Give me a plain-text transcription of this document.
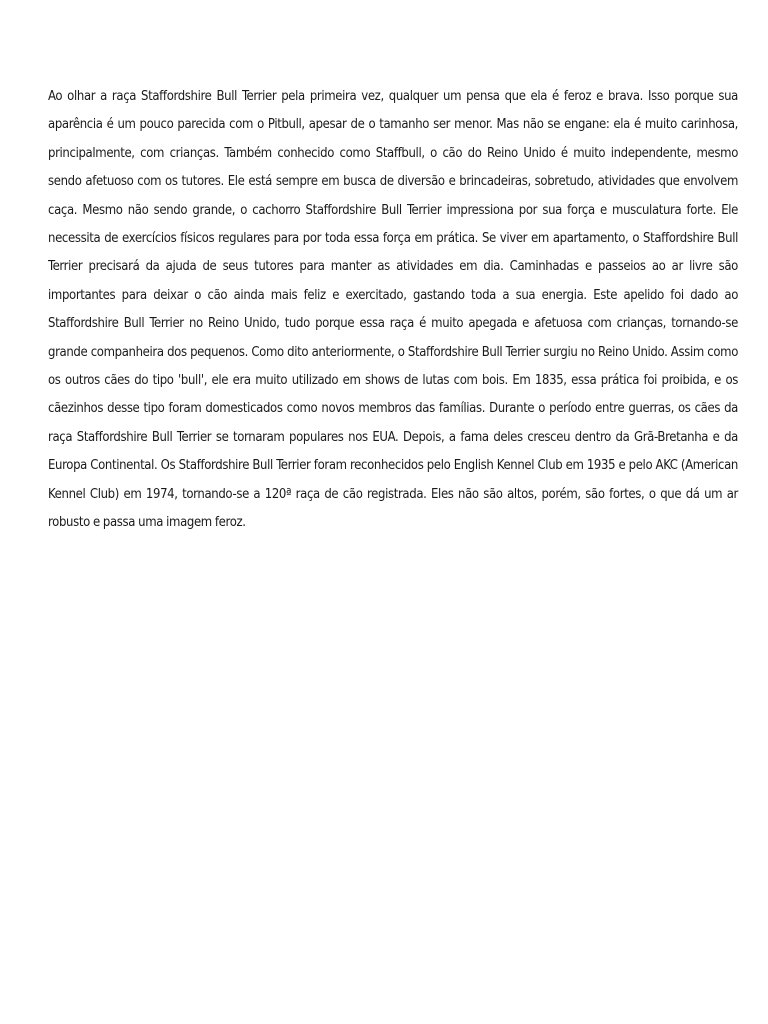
Ao olhar a raça Staffordshire Bull Terrier pela primeira vez, qualquer um pensa que ela é feroz e brava. Isso porque sua aparência é um pouco parecida com o Pitbull, apesar de o tamanho ser menor. Mas não se engane: ela é muito carinhosa, principalmente, com crianças. Também conhecido como Staffbull, o cão do Reino Unido é muito independente, mesmo sendo afetuoso com os tutores. Ele está sempre em busca de diversão e brincadeiras, sobretudo, atividades que envolvem caça. Mesmo não sendo grande, o cachorro Staffordshire Bull Terrier impressiona por sua força e musculatura forte. Ele necessita de exercícios físicos regulares para por toda essa força em prática. Se viver em apartamento, o Staffordshire Bull Terrier precisará da ajuda de seus tutores para manter as atividades em dia. Caminhadas e passeios ao ar livre são importantes para deixar o cão ainda mais feliz e exercitado, gastando toda a sua energia. Este apelido foi dado ao Staffordshire Bull Terrier no Reino Unido, tudo porque essa raça é muito apegada e afetuosa com crianças, tornando-se grande companheira dos pequenos. Como dito anteriormente, o Staffordshire Bull Terrier surgiu no Reino Unido. Assim como os outros cães do tipo 'bull', ele era muito utilizado em shows de lutas com bois. Em 1835, essa prática foi proibida, e os cãezinhos desse tipo foram domesticados como novos membros das famílias. Durante o período entre guerras, os cães da raça Staffordshire Bull Terrier se tornaram populares nos EUA. Depois, a fama deles cresceu dentro da Grã-Bretanha e da Europa Continental. Os Staffordshire Bull Terrier foram reconhecidos pelo English Kennel Club em 1935 e pelo AKC (American Kennel Club) em 1974, tornando-se a 120ª raça de cão registrada. Eles não são altos, porém, são fortes, o que dá um ar robusto e passa uma imagem feroz.
